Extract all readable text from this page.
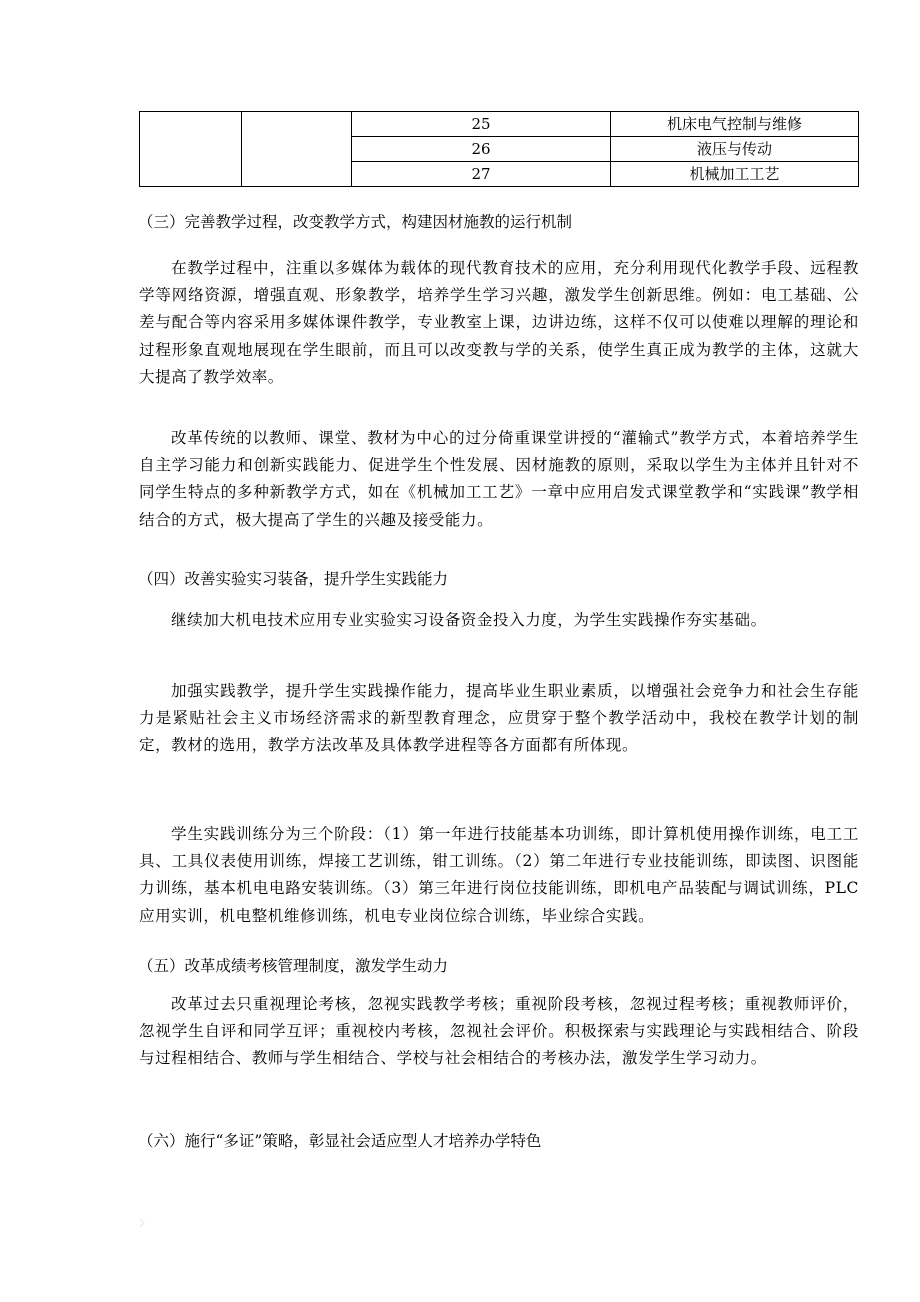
		25	机床电气控制与维修
		26	液压与传动
		27	机械加工工艺
（三）完善教学过程，改变教学方式，构建因材施教的运行机制
在教学过程中，注重以多媒体为载体的现代教育技术的应用，充分利用现代化教学手段、远程教学等网络资源，增强直观、形象教学，培养学生学习兴趣，激发学生创新思维。例如：电工基础、公差与配合等内容采用多媒体课件教学，专业教室上课，边讲边练，这样不仅可以使难以理解的理论和过程形象直观地展现在学生眼前，而且可以改变教与学的关系，使学生真正成为教学的主体，这就大大提高了教学效率。
改革传统的以教师、课堂、教材为中心的过分倚重课堂讲授的“灌输式”教学方式，本着培养学生自主学习能力和创新实践能力、促进学生个性发展、因材施教的原则，采取以学生为主体并且针对不同学生特点的多种新教学方式，如在《机械加工工艺》一章中应用启发式课堂教学和“实践课”教学相结合的方式，极大提高了学生的兴趣及接受能力。
（四）改善实验实习装备，提升学生实践能力
继续加大机电技术应用专业实验实习设备资金投入力度，为学生实践操作夯实基础。
加强实践教学，提升学生实践操作能力，提高毕业生职业素质，以增强社会竞争力和社会生存能力是紧贴社会主义市场经济需求的新型教育理念，应贯穿于整个教学活动中，我校在教学计划的制定，教材的选用，教学方法改革及具体教学进程等各方面都有所体现。
学生实践训练分为三个阶段：（1）第一年进行技能基本功训练，即计算机使用操作训练，电工工具、工具仪表使用训练，焊接工艺训练，钳工训练。（2）第二年进行专业技能训练，即读图、识图能力训练，基本机电电路安装训练。（3）第三年进行岗位技能训练，即机电产品装配与调试训练，PLC应用实训，机电整机维修训练，机电专业岗位综合训练，毕业综合实践。
（五）改革成绩考核管理制度，激发学生动力
改革过去只重视理论考核，忽视实践教学考核；重视阶段考核，忽视过程考核；重视教师评价，忽视学生自评和同学互评；重视校内考核，忽视社会评价。积极探索与实践理论与实践相结合、阶段与过程相结合、教师与学生相结合、学校与社会相结合的考核办法，激发学生学习动力。
（六）施行“多证”策略，彰显社会适应型人才培养办学特色
